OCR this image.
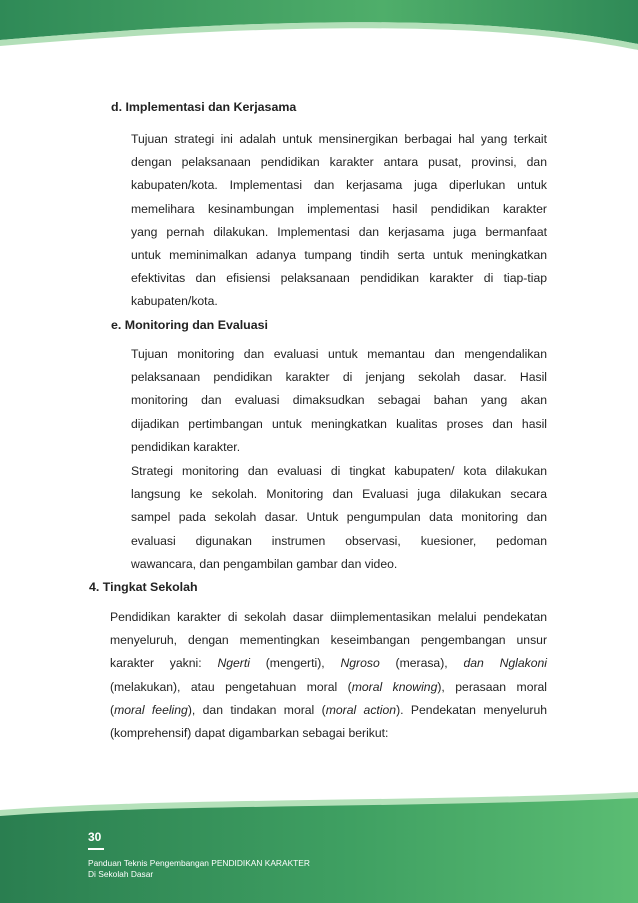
d. Implementasi dan Kerjasama
Tujuan strategi ini adalah untuk mensinergikan berbagai hal yang terkait
dengan pelaksanaan pendidikan karakter antara pusat, provinsi, dan
kabupaten/kota. Implementasi dan kerjasama juga diperlukan untuk
memelihara kesinambungan implementasi hasil pendidikan karakter
yang pernah dilakukan. Implementasi dan kerjasama juga bermanfaat
untuk meminimalkan adanya tumpang tindih serta untuk meningkatkan
efektivitas dan efisiensi pelaksanaan pendidikan karakter di tiap-tiap
kabupaten/kota.
e. Monitoring dan Evaluasi
Tujuan monitoring dan evaluasi untuk memantau dan mengendalikan
pelaksanaan pendidikan karakter di jenjang sekolah dasar. Hasil
monitoring dan evaluasi dimaksudkan sebagai bahan yang akan
dijadikan pertimbangan untuk meningkatkan kualitas proses dan hasil
pendidikan karakter.
Strategi monitoring dan evaluasi di tingkat kabupaten/ kota dilakukan
langsung ke sekolah. Monitoring dan Evaluasi juga dilakukan secara
sampel pada sekolah dasar. Untuk pengumpulan data monitoring dan
evaluasi digunakan instrumen observasi, kuesioner, pedoman
wawancara, dan pengambilan gambar dan video.
4. Tingkat Sekolah
Pendidikan karakter di sekolah dasar diimplementasikan melalui pendekatan
menyeluruh, dengan mementingkan keseimbangan pengembangan unsur
karakter yakni: Ngerti (mengerti), Ngroso (merasa), dan Nglakoni
(melakukan), atau pengetahuan moral (moral knowing), perasaan moral
(moral feeling), dan tindakan moral (moral action). Pendekatan menyeluruh
(komprehensif) dapat digambarkan sebagai berikut:
30
Panduan Teknis Pengembangan PENDIDIKAN KARAKTER
Di Sekolah Dasar
